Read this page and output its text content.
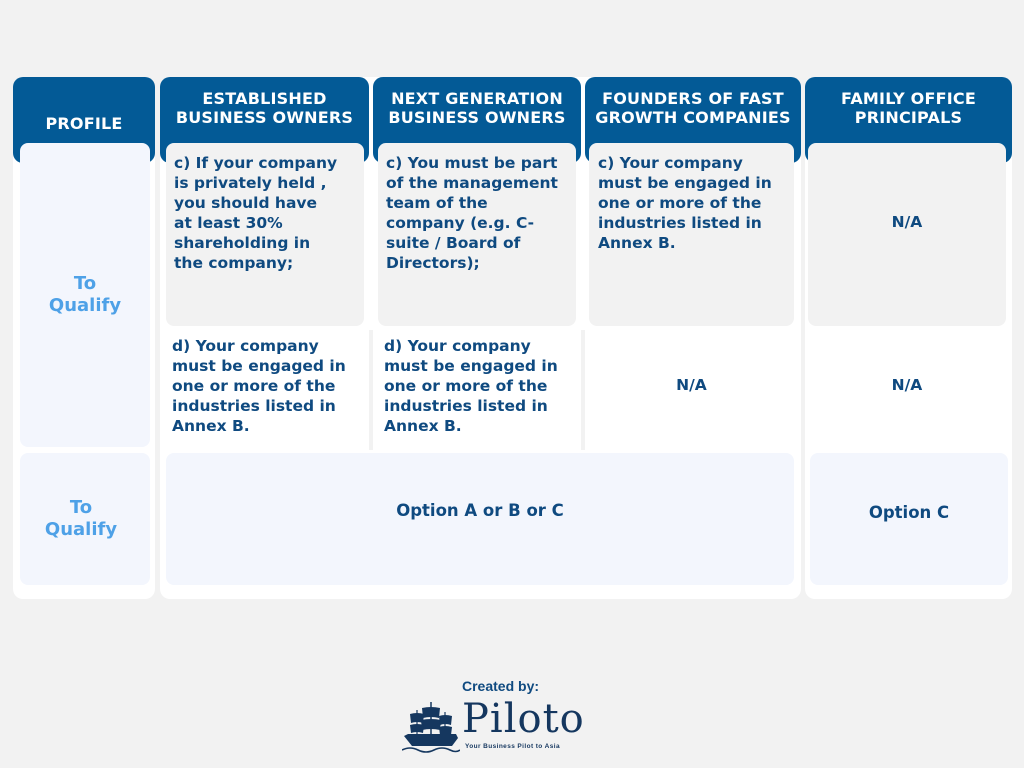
PROFILE
ESTABLISHED
BUSINESS OWNERS
NEXT GENERATION
BUSINESS OWNERS
FOUNDERS OF FAST
GROWTH COMPANIES
FAMILY OFFICE
PRINCIPALS
To
Qualify
To
Qualify
c) If your company
is privately held ,
you should have
at least 30%
shareholding in
the company;
c) You must be part
of the management
team of the
company (e.g. C-
suite / Board of
Directors);
c) Your company
must be engaged in
one or more of the
industries listed in
Annex B.
N/A
d) Your company
must be engaged in
one or more of the
industries listed in
Annex B.
d) Your company
must be engaged in
one or more of the
industries listed in
Annex B.
N/A	N/A
Option A or B or C	Option C
Created by:
Piloto
Your Business Pilot to Asia
